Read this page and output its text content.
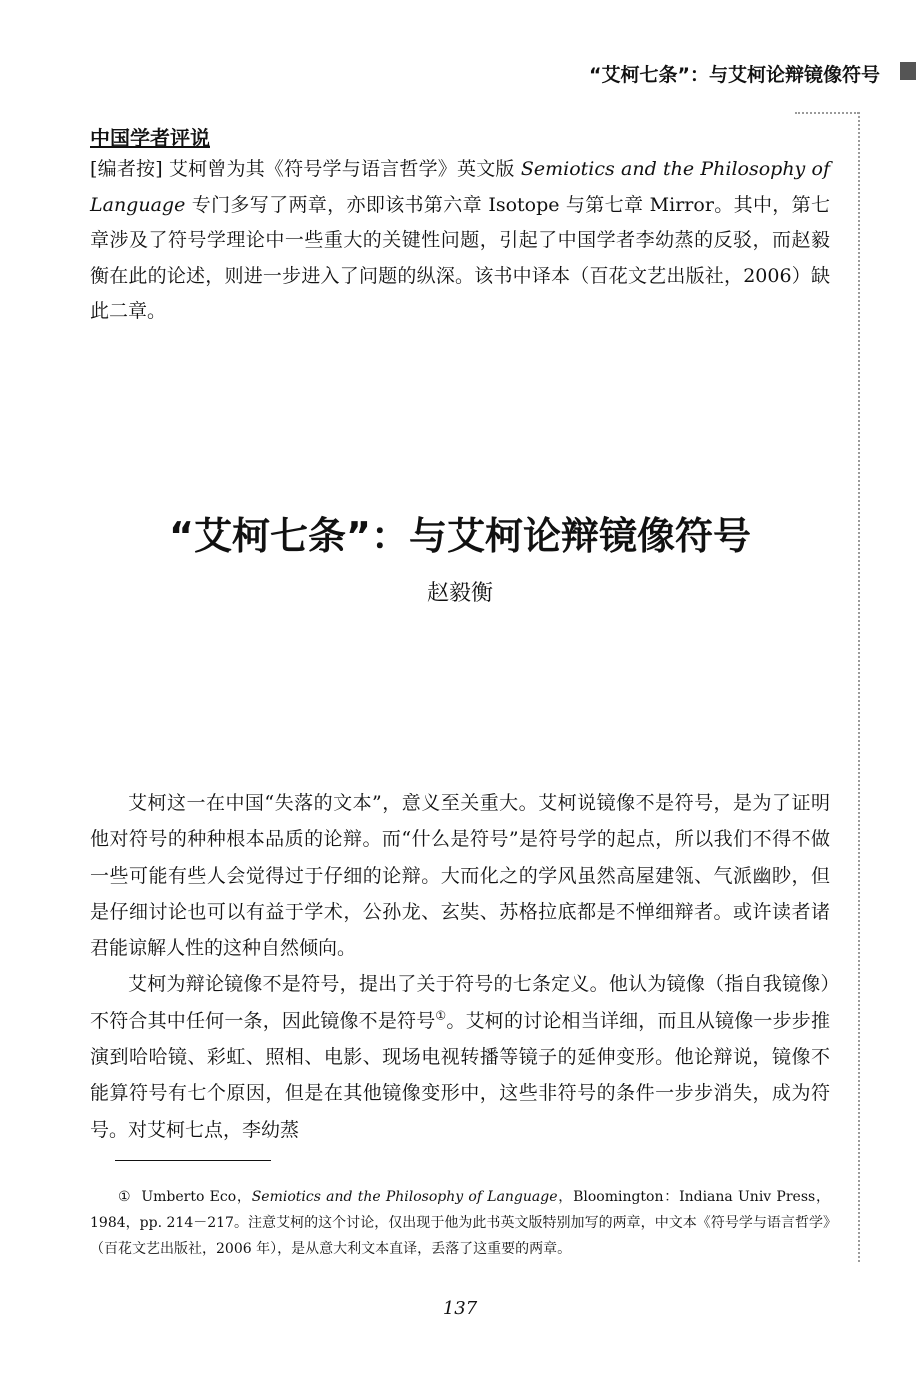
“艾柯七条”：与艾柯论辩镜像符号
中国学者评说
[编者按] 艾柯曾为其《符号学与语言哲学》英文版 Semiotics and the Philosophy of Language 专门多写了两章，亦即该书第六章 Isotope 与第七章 Mirror。其中，第七章涉及了符号学理论中一些重大的关键性问题，引起了中国学者李幼蒸的反驳，而赵毅衡在此的论述，则进一步进入了问题的纵深。该书中译本（百花文艺出版社，2006）缺此二章。
“艾柯七条”：与艾柯论辩镜像符号
赵毅衡

艾柯这一在中国“失落的文本”，意义至关重大。艾柯说镜像不是符号，是为了证明他对符号的种种根本品质的论辩。而“什么是符号”是符号学的起点，所以我们不得不做一些可能有些人会觉得过于仔细的论辩。大而化之的学风虽然高屋建瓴、气派幽眇，但是仔细讨论也可以有益于学术，公孙龙、玄奘、苏格拉底都是不惮细辩者。或许读者诸君能谅解人性的这种自然倾向。

艾柯为辩论镜像不是符号，提出了关于符号的七条定义。他认为镜像（指自我镜像）不符合其中任何一条，因此镜像不是符号①。艾柯的讨论相当详细，而且从镜像一步步推演到哈哈镜、彩虹、照相、电影、现场电视转播等镜子的延伸变形。他论辩说，镜像不能算符号有七个原因，但是在其他镜像变形中，这些非符号的条件一步步消失，成为符号。对艾柯七点，李幼蒸

① Umberto Eco，Semiotics and the Philosophy of Language，Bloomington：Indiana Univ Press，1984，pp. 214－217。注意艾柯的这个讨论，仅出现于他为此书英文版特别加写的两章，中文本《符号学与语言哲学》（百花文艺出版社，2006 年），是从意大利文本直译，丢落了这重要的两章。

137
